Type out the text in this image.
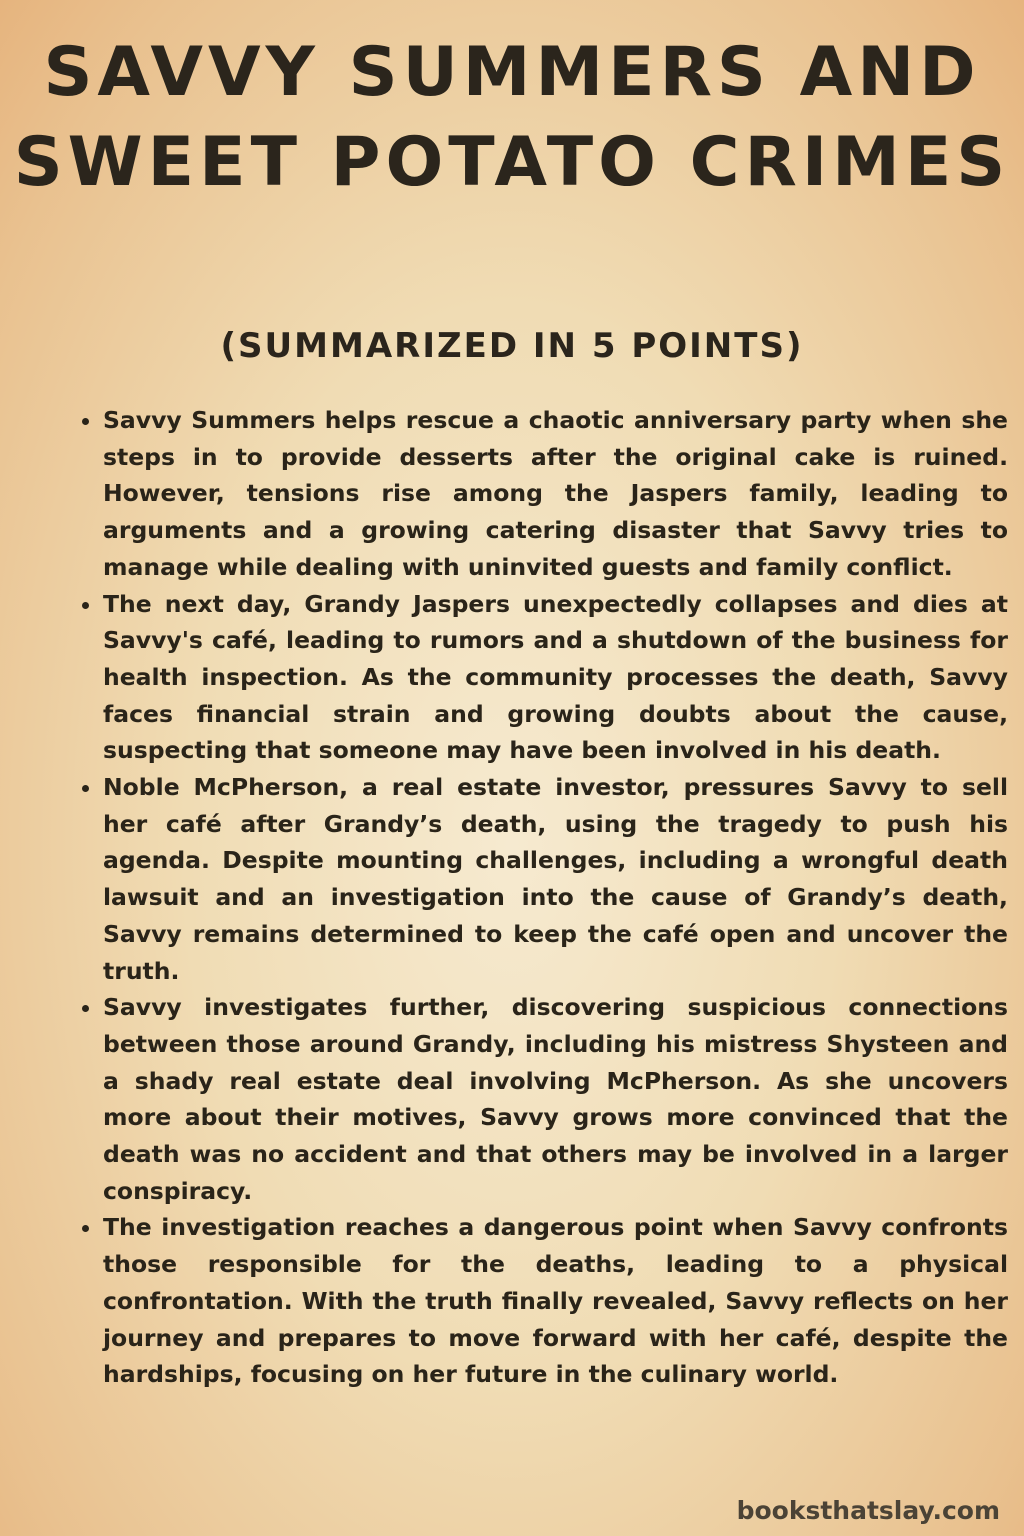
SAVVY SUMMERS AND SWEET POTATO CRIMES
(SUMMARIZED IN 5 POINTS)
• Savvy Summers helps rescue a chaotic anniversary party when she steps in to provide desserts after the original cake is ruined. However, tensions rise among the Jaspers family, leading to arguments and a growing catering disaster that Savvy tries to manage while dealing with uninvited guests and family conflict.
• The next day, Grandy Jaspers unexpectedly collapses and dies at Savvy's café, leading to rumors and a shutdown of the business for health inspection. As the community processes the death, Savvy faces financial strain and growing doubts about the cause, suspecting that someone may have been involved in his death.
• Noble McPherson, a real estate investor, pressures Savvy to sell her café after Grandy’s death, using the tragedy to push his agenda. Despite mounting challenges, including a wrongful death lawsuit and an investigation into the cause of Grandy’s death, Savvy remains determined to keep the café open and uncover the truth.
• Savvy investigates further, discovering suspicious connections between those around Grandy, including his mistress Shysteen and a shady real estate deal involving McPherson. As she uncovers more about their motives, Savvy grows more convinced that the death was no accident and that others may be involved in a larger conspiracy.
• The investigation reaches a dangerous point when Savvy confronts those responsible for the deaths, leading to a physical confrontation. With the truth finally revealed, Savvy reflects on her journey and prepares to move forward with her café, despite the hardships, focusing on her future in the culinary world.
booksthatslay.com
